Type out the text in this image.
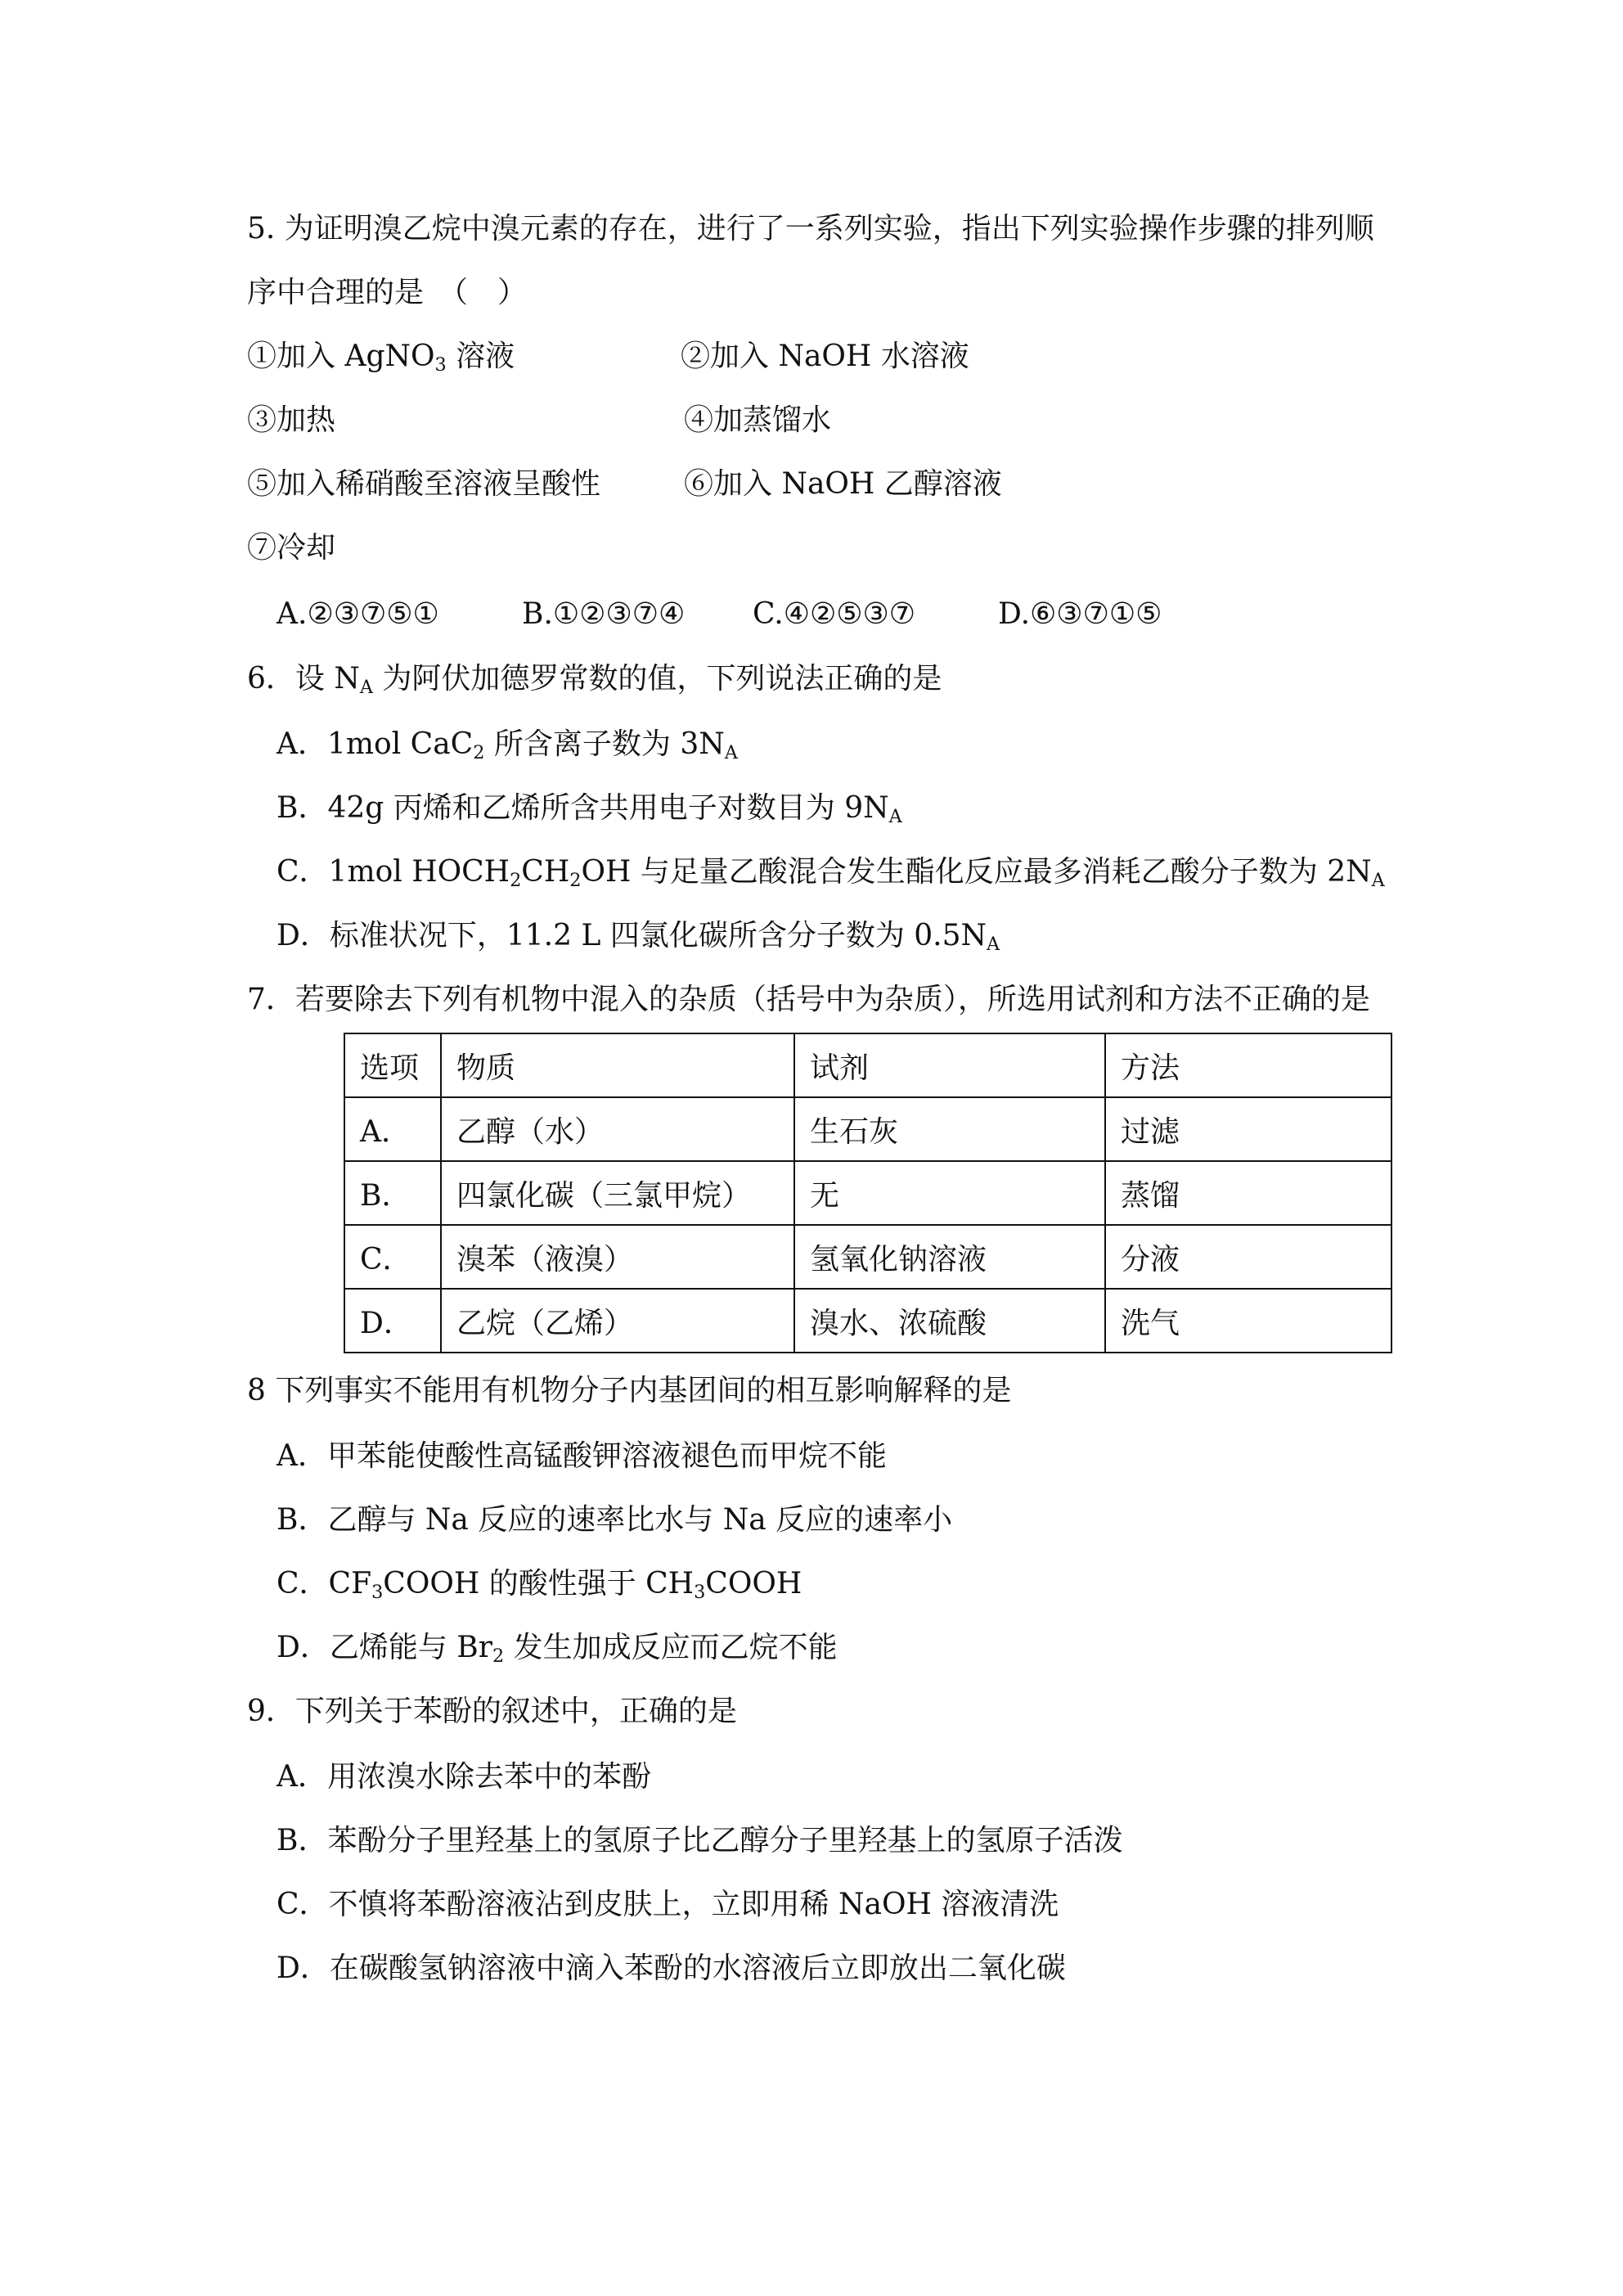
5. 为证明溴乙烷中溴元素的存在，进行了一系列实验，指出下列实验操作步骤的排列顺
序中合理的是　（　）
①加入 AgNO$_3$ 溶液	②加入 NaOH 水溶液
③加热	④加蒸馏水
⑤加入稀硝酸至溶液呈酸性	⑥加入 NaOH 乙醇溶液
⑦冷却
A.②③⑦⑤①	B.①②③⑦④ C.④②⑤③⑦	D.⑥③⑦①⑤
6．设 $N_A$ 为阿伏加德罗常数的值，下列说法正确的是
A．1mol CaC$_2$ 所含离子数为 $3N_A$
B．42g 丙烯和乙烯所含共用电子对数目为 $9N_A$
C．1mol $HOCH_2CH_2OH$ 与足量乙酸混合发生酯化反应最多消耗乙酸分子数为 $2N_A$
D．标准状况下，11.2 L 四氯化碳所含分子数为 $0.5N_A$
7．若要除去下列有机物中混入的杂质（括号中为杂质），所选用试剂和方法不正确的是
选项	物质	试剂	方法
A．	乙醇（水）	生石灰	过滤
B．	四氯化碳（三氯甲烷）	无	蒸馏
C．	溴苯（液溴）	氢氧化钠溶液	分液
D．	乙烷（乙烯）	溴水、浓硫酸	洗气
8 下列事实不能用有机物分子内基团间的相互影响解释的是
A．甲苯能使酸性高锰酸钾溶液褪色而甲烷不能
B．乙醇与 Na 反应的速率比水与 Na 反应的速率小
C．$CF_3COOH$ 的酸性强于 $CH_3COOH$
D．乙烯能与 $Br_2$ 发生加成反应而乙烷不能
9．下列关于苯酚的叙述中，正确的是
A．用浓溴水除去苯中的苯酚
B．苯酚分子里羟基上的氢原子比乙醇分子里羟基上的氢原子活泼
C．不慎将苯酚溶液沾到皮肤上，立即用稀 NaOH 溶液清洗
D．在碳酸氢钠溶液中滴入苯酚的水溶液后立即放出二氧化碳
